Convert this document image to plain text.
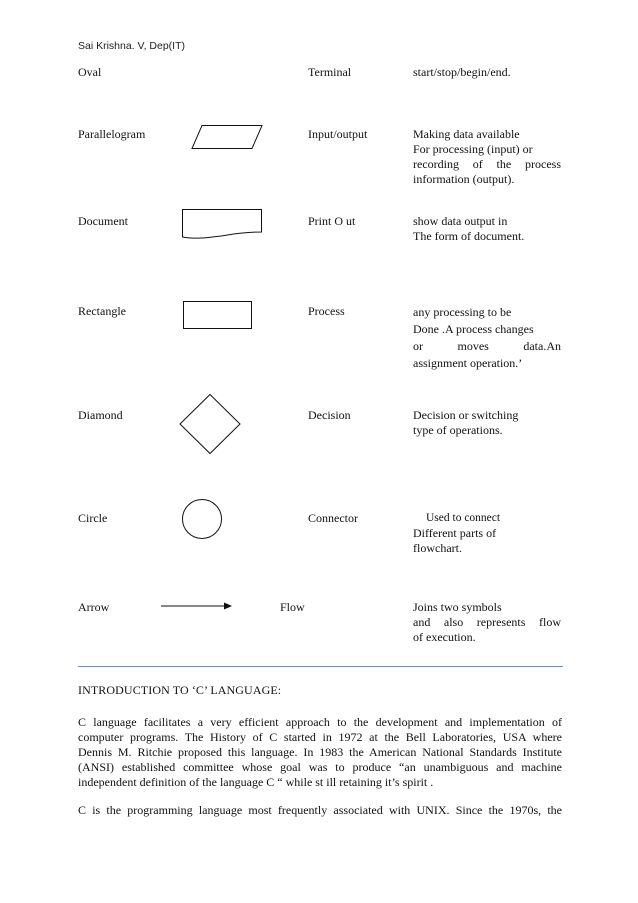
Sai Krishna. V, Dep(IT)
Oval	Terminal	start/stop/begin/end.
Parallelogram	Input/output	Making data available
For processing (input) or
recording of the process
information (output).
Document	Print O ut	show data output in
The form of document.
Rectangle	Process	any processing to be
Done .A process changes
or moves data.An
assignment operation.’
Diamond	Decision	Decision or switching
type of operations.
Circle	Connector	Used to connect
Different parts of
flowchart.
Arrow	Flow	Joins two symbols
and also represents flow
of execution.
INTRODUCTION TO ‘C’ LANGUAGE:
C language facilitates a very efficient approach to the development and implementation of
computer programs. The History of C started in 1972 at the Bell Laboratories, USA where
Dennis M. Ritchie proposed this language. In 1983 the American National Standards Institute
(ANSI) established committee whose goal was to produce “an unambiguous and machine
independent definition of the language C “ while st ill retaining it’s spirit .
C is the programming language most frequently associated with UNIX. Since the 1970s, the
